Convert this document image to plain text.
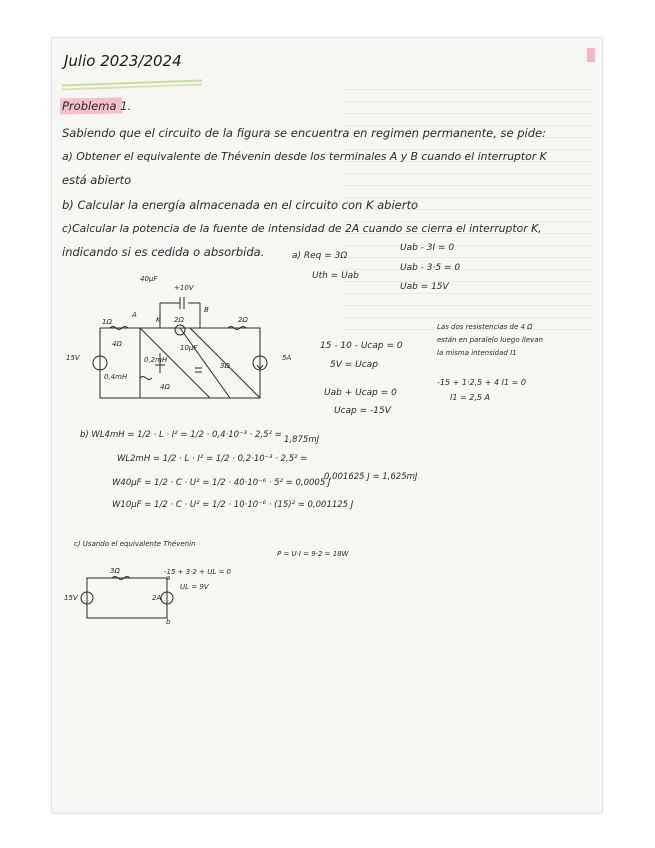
Julio 2023/2024
Problema 1.
Sabiendo que el circuito de la figura se encuentra en regimen permanente, se pide:
a) Obtener el equivalente de Thévenin desde los terminales A y B cuando el interruptor K
está abierto
b) Calcular la energía almacenada en el circuito con K abierto
c)Calcular la potencia de la fuente de intensidad de 2A cuando se cierra el interruptor K,
indicando si es cedida o absorbida.	a) Req = 3Ω
Uth = Uab
Uab - 3I = 0
Uab - 3·5 = 0
Uab = 15V
15 - 10 - Ucap = 0
5V = Ucap
Uab + Ucap = 0
Ucap = -15V
Las dos resistencias de 4 Ω
están en paralelo luego llevan
la misma intensidad I1
-15 + 1·2,5 + 4 I1 = 0
I1 = 2,5 A
b) WL4mH = 1/2 · L · I² = 1/2 · 0,4·10⁻³ · 2,5² =
WL2mH = 1/2 · L · I² = 1/2 · 0,2·10⁻³ · 2,5² =
1,875mJ
W40μF = 1/2 · C · U² = 1/2 · 40·10⁻⁶ · 5² = 0,0005 J
W10μF = 1/2 · C · U² = 1/2 · 10·10⁻⁶ · (15)² = 0,001125 J
0,001625 J = 1,625mJ
c) Usando el equivalente Thévenin
P = U·I = 9·2 = 18W
-15 + 3·2 + UL = 0
UL = 9V
40μF
+10V
A
B
K 2Ω	2Ω
1Ω
4Ω
4Ω
0,2mH
0,4mH
10μF
3Ω
5A
15V
3Ω
a
15V	2A
b
